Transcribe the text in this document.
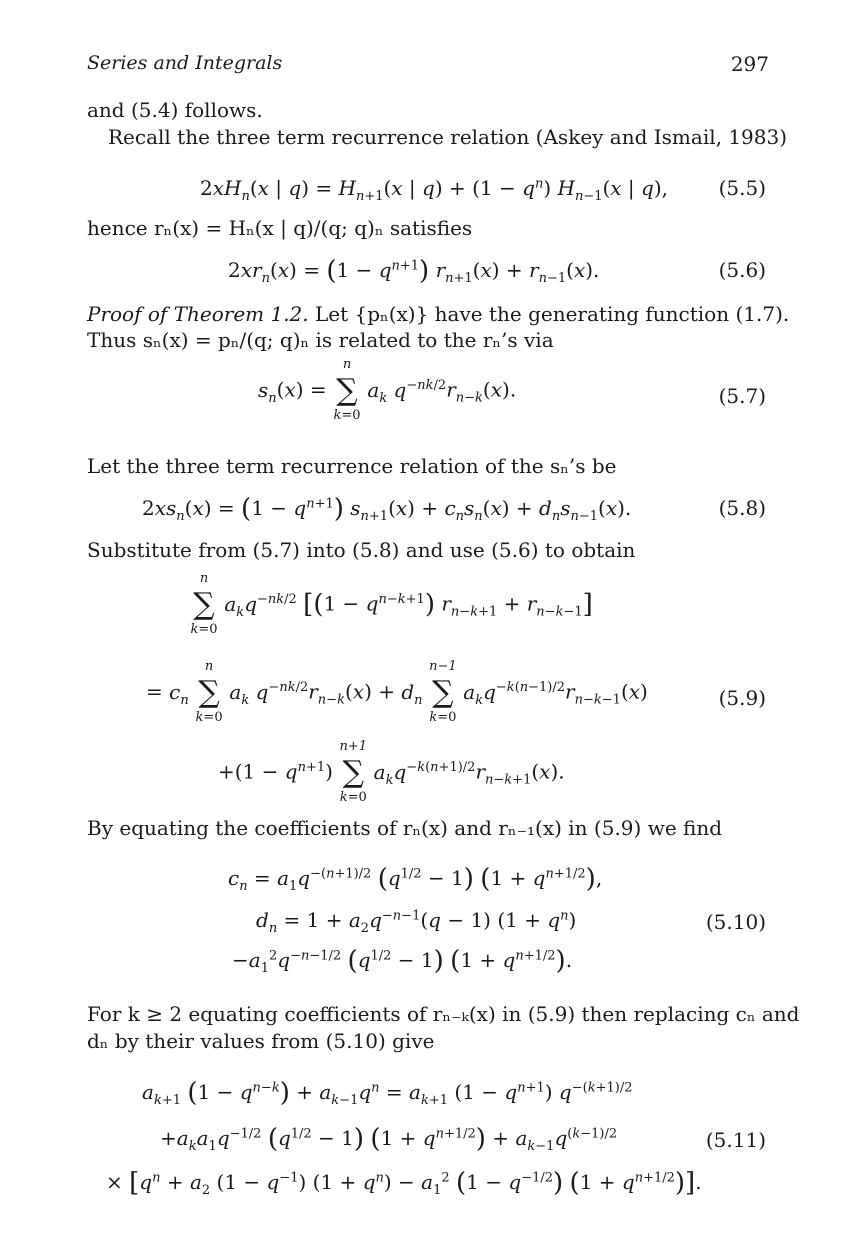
Series and Integrals	297
and (5.4) follows.
Recall the three term recurrence relation (Askey and Ismail, 1983)
$2xH_n(x$ | $q) = H_{n+1}(x$ | $q) + (1 - q^n)$ $H_{n-1}(x$ | q),	(5.5)
hence rₙ(x) = Hₙ(x | q)/(q; q)ₙ satisfies
$2xr_n(x) = (1 - q^{n+1}) r_{n+1}(x) + r_{n-1}(x)$.	(5.6)
Proof of Theorem 1.2. Let {pₙ(x)} have the generating function (1.7).
Thus sₙ(x) = pₙ/(q; q)ₙ is related to the rₙ’s via
$s_n(x)$ =
n
∑
k=0
$a_k$ $q^{-nk/2}r_{n-k}(x)$.	(5.7)
Let the three term recurrence relation of the sₙ’s be
$2xs_n(x) = (1 - q^{n+1}) s_{n+1}(x) + c_ns_n(x) + d_ns_{n-1}(x)$.	(5.8)
Substitute from (5.7) into (5.8) and use (5.6) to obtain
n
∑
k=0
$a_kq^{-nk/2}$ [$(1 - q^{n-k+1})$ $r_{n-k+1} + r_{n-k-1}$]
= $c_n$
n
∑
k=0
$a_k$ $q^{-nk/2}r_{n-k}(x) + d_n$
n−1
∑
k=0
$a_kq^{-k(n-1)/2}r_{n-k-1}(x)$	(5.9)
$+(1 - q^{n+1})$
n+1
∑
k=0
$a_kq^{-k(n+1)/2}r_{n-k+1}(x)$.
By equating the coefficients of rₙ(x) and rₙ₋₁(x) in (5.9) we find
$c_n = a_1q^{-(n+1)/2}$ $(q^{1/2} - 1) (1 + q^{n+1/2})$,
$d_n = 1 + a_2q^{-n-1}(q - 1) (1 + q^n)$	(5.10)
$-a_1^2q^{-n-1/2}$ $(q^{1/2} - 1) (1 + q^{n+1/2})$.
For k ≥ 2 equating coefficients of rₙ₋ₖ(x) in (5.9) then replacing cₙ and
dₙ by their values from (5.10) give
$a_{k+1}$ $(1 - q^{n-k}) + a_{k-1}q^n = a_{k+1}$ $(1 - q^{n+1})$ $q^{-(k+1)/2}$
$+a_ka_1q^{-1/2}$ $(q^{1/2} - 1) (1 + q^{n+1/2}) + a_{k-1}q^{(k-1)/2}$	(5.11)
× [$q^n + a_2$ $(1 - q^{-1})$ $(1 + q^n) - a_1^2$ $(1 - q^{-1/2})$ $(1 + q^{n+1/2})$].
